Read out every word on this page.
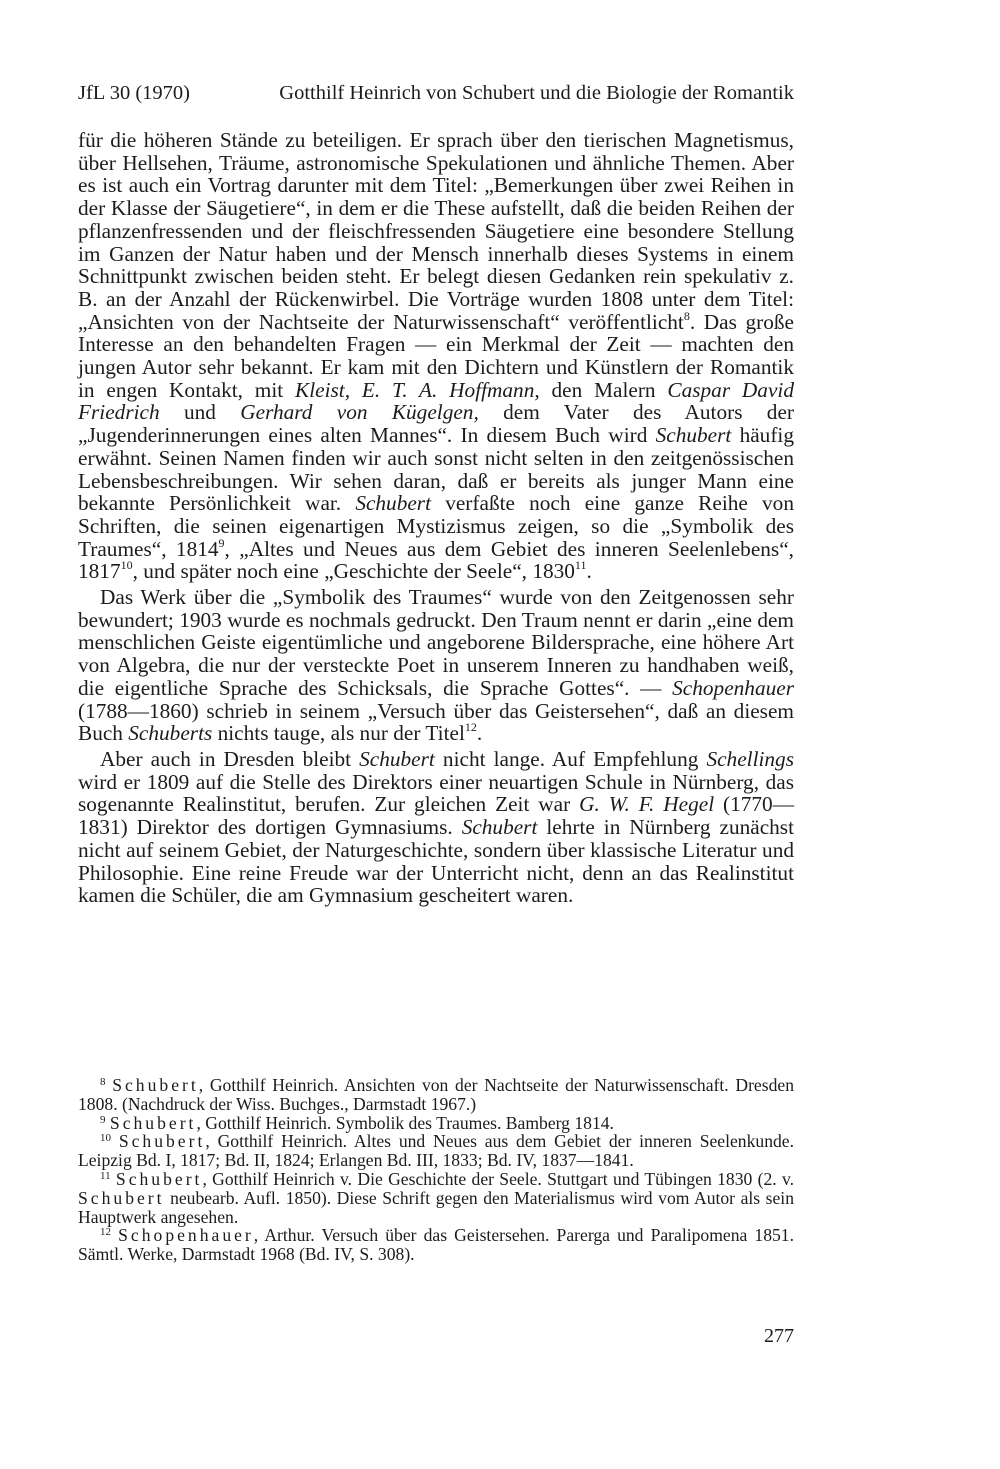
JfL 30 (1970)	Gotthilf Heinrich von Schubert und die Biologie der Romantik

für die höheren Stände zu beteiligen. Er sprach über den tierischen Magnetismus, über Hellsehen, Träume, astronomische Spekulationen und ähnliche Themen. Aber es ist auch ein Vortrag darunter mit dem Titel: „Bemerkungen über zwei Reihen in der Klasse der Säugetiere“, in dem er die These aufstellt, daß die beiden Reihen der pflanzenfressenden und der fleischfressenden Säugetiere eine besondere Stellung im Ganzen der Natur haben und der Mensch innerhalb dieses Systems in einem Schnittpunkt zwischen beiden steht. Er belegt diesen Gedanken rein spekulativ z. B. an der Anzahl der Rückenwirbel. Die Vorträge wurden 1808 unter dem Titel: „Ansichten von der Nachtseite der Naturwissenschaft“ veröffentlicht$^8$. Das große Interesse an den behandelten Fragen — ein Merkmal der Zeit — machten den jungen Autor sehr bekannt. Er kam mit den Dichtern und Künstlern der Romantik in engen Kontakt, mit Kleist, E. T. A. Hoffmann, den Malern Caspar David Friedrich und Gerhard von Kügelgen, dem Vater des Autors der „Jugenderinnerungen eines alten Mannes“. In diesem Buch wird Schubert häufig erwähnt. Seinen Namen finden wir auch sonst nicht selten in den zeitgenössischen Lebensbeschreibungen. Wir sehen daran, daß er bereits als junger Mann eine bekannte Persönlichkeit war. Schubert verfaßte noch eine ganze Reihe von Schriften, die seinen eigenartigen Mystizismus zeigen, so die „Symbolik des Traumes“, 1814$^9$, „Altes und Neues aus dem Gebiet des inneren Seelenlebens“, 1817$^{10}$, und später noch eine „Geschichte der Seele“, 1830$^{11}$.

Das Werk über die „Symbolik des Traumes“ wurde von den Zeitgenossen sehr bewundert; 1903 wurde es nochmals gedruckt. Den Traum nennt er darin „eine dem menschlichen Geiste eigentümliche und angeborene Bildersprache, eine höhere Art von Algebra, die nur der versteckte Poet in unserem Inneren zu handhaben weiß, die eigentliche Sprache des Schicksals, die Sprache Gottes“. — Schopenhauer (1788—1860) schrieb in seinem „Versuch über das Geistersehen“, daß an diesem Buch Schuberts nichts tauge, als nur der Titel$^{12}$.

Aber auch in Dresden bleibt Schubert nicht lange. Auf Empfehlung Schellings wird er 1809 auf die Stelle des Direktors einer neuartigen Schule in Nürnberg, das sogenannte Realinstitut, berufen. Zur gleichen Zeit war G. W. F. Hegel (1770—1831) Direktor des dortigen Gymnasiums. Schubert lehrte in Nürnberg zunächst nicht auf seinem Gebiet, der Naturgeschichte, sondern über klassische Literatur und Philosophie. Eine reine Freude war der Unterricht nicht, denn an das Realinstitut kamen die Schüler, die am Gymnasium gescheitert waren.

$^8$ Schubert, Gotthilf Heinrich. Ansichten von der Nachtseite der Naturwissenschaft. Dresden 1808. (Nachdruck der Wiss. Buchges., Darmstadt 1967.)

$^9$ Schubert, Gotthilf Heinrich. Symbolik des Traumes. Bamberg 1814.

$^{10}$ Schubert, Gotthilf Heinrich. Altes und Neues aus dem Gebiet der inneren Seelenkunde. Leipzig Bd. I, 1817; Bd. II, 1824; Erlangen Bd. III, 1833; Bd. IV, 1837—1841.

$^{11}$ Schubert, Gotthilf Heinrich v. Die Geschichte der Seele. Stuttgart und Tübingen 1830 (2. v. Schubert neubearb. Aufl. 1850). Diese Schrift gegen den Materialismus wird vom Autor als sein Hauptwerk angesehen.

$^{12}$ Schopenhauer, Arthur. Versuch über das Geistersehen. Parerga und Paralipomena 1851. Sämtl. Werke, Darmstadt 1968 (Bd. IV, S. 308).

277
